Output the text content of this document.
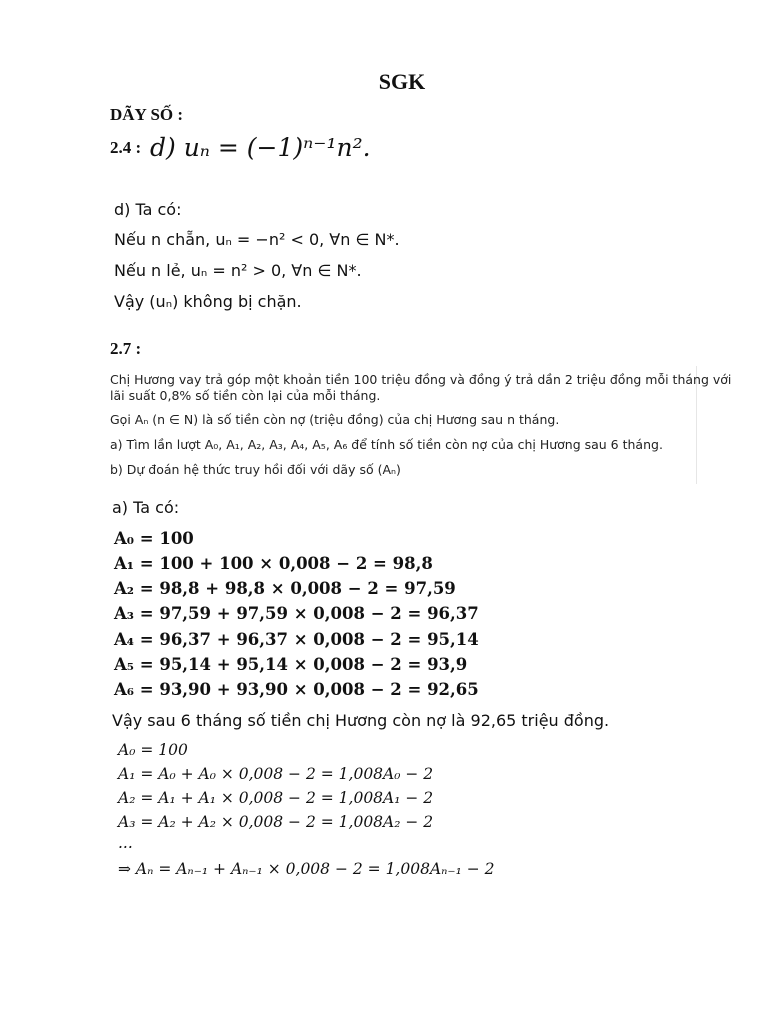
SGK
DÃY SỐ :
2.4 : d) uₙ = (−1)ⁿ⁻¹n².
d) Ta có:
Nếu n chẵn, uₙ = −n² < 0, ∀n ∈ N*.
Nếu n lẻ, uₙ = n² > 0, ∀n ∈ N*.
Vậy (uₙ) không bị chặn.
2.7 :
Chị Hương vay trả góp một khoản tiền 100 triệu đồng và đồng ý trả dần 2 triệu đồng mỗi tháng với
lãi suất 0,8% số tiền còn lại của mỗi tháng.
Gọi Aₙ (n ∈ N) là số tiền còn nợ (triệu đồng) của chị Hương sau n tháng.
a) Tìm lần lượt A₀, A₁, A₂, A₃, A₄, A₅, A₆ để tính số tiền còn nợ của chị Hương sau 6 tháng.
b) Dự đoán hệ thức truy hồi đối với dãy số (Aₙ)
a) Ta có:
A₀ = 100
A₁ = 100 + 100 × 0,008 − 2 = 98,8
A₂ = 98,8 + 98,8 × 0,008 − 2 = 97,59
A₃ = 97,59 + 97,59 × 0,008 − 2 = 96,37
A₄ = 96,37 + 96,37 × 0,008 − 2 = 95,14
A₅ = 95,14 + 95,14 × 0,008 − 2 = 93,9
A₆ = 93,90 + 93,90 × 0,008 − 2 = 92,65
Vậy sau 6 tháng số tiền chị Hương còn nợ là 92,65 triệu đồng.
A₀ = 100
A₁ = A₀ + A₀ × 0,008 − 2 = 1,008A₀ − 2
A₂ = A₁ + A₁ × 0,008 − 2 = 1,008A₁ − 2
A₃ = A₂ + A₂ × 0,008 − 2 = 1,008A₂ − 2
...
⇒ Aₙ = Aₙ₋₁ + Aₙ₋₁ × 0,008 − 2 = 1,008Aₙ₋₁ − 2
